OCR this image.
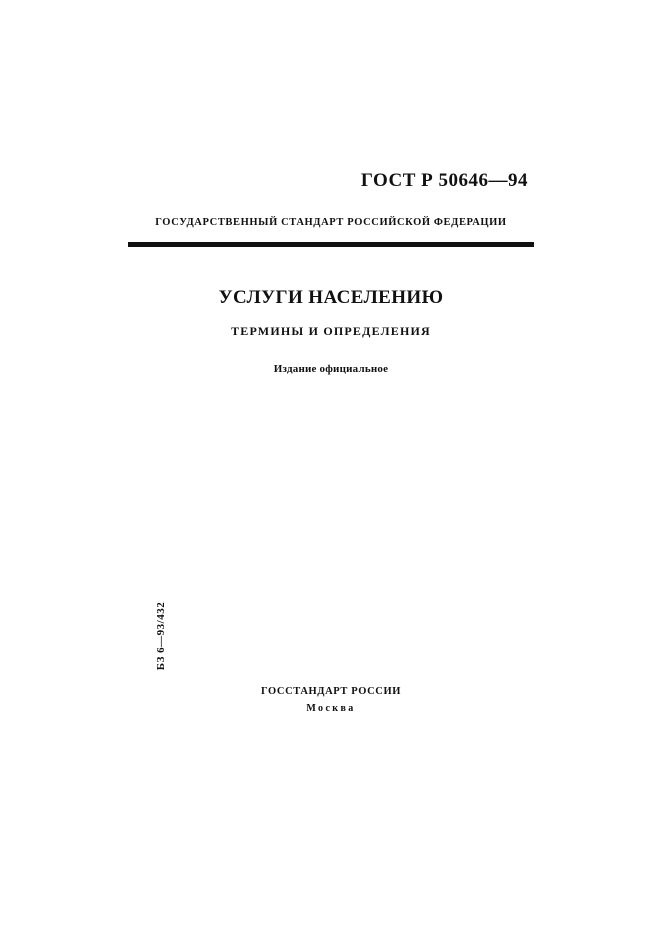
ГОСТ Р 50646—94
ГОСУДАРСТВЕННЫЙ СТАНДАРТ РОССИЙСКОЙ ФЕДЕРАЦИИ
УСЛУГИ НАСЕЛЕНИЮ
ТЕРМИНЫ И ОПРЕДЕЛЕНИЯ
Издание официальное
БЗ 6—93/432
ГОССТАНДАРТ РОССИИ
Москва
